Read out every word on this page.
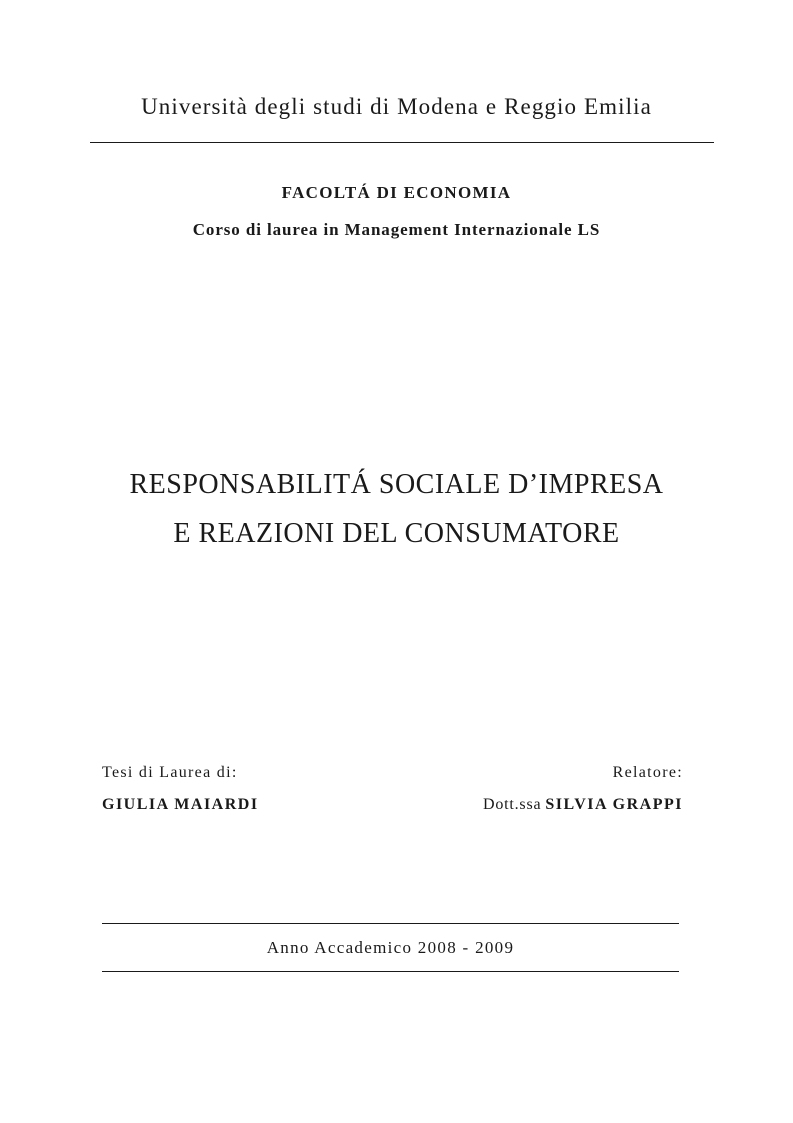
Università degli studi di Modena e Reggio Emilia
FACOLTÁ DI ECONOMIA
Corso di laurea in Management Internazionale LS
RESPONSABILITÁ SOCIALE D’IMPRESA
E REAZIONI DEL CONSUMATORE
Tesi di Laurea di:	Relatore:
GIULIA MAIARDI	Dott.ssa SILVIA GRAPPI
Anno Accademico 2008 - 2009
